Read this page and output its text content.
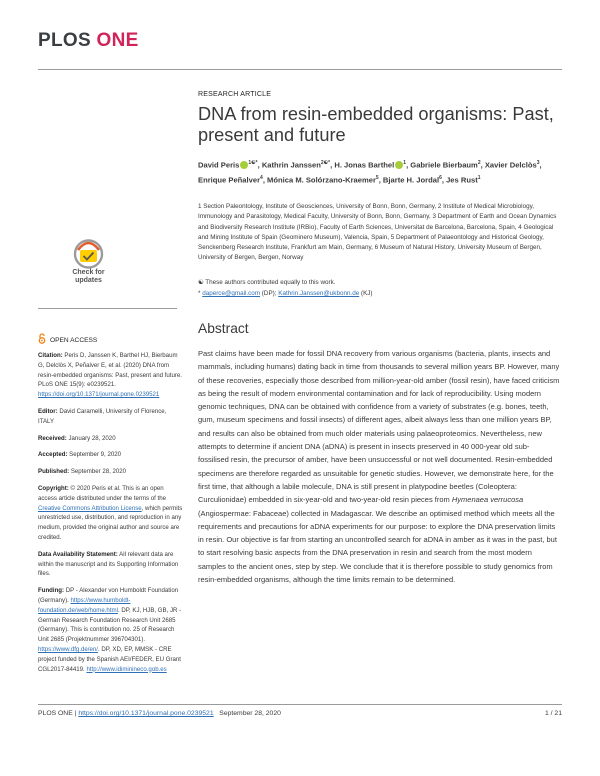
PLOS ONE
RESEARCH ARTICLE
DNA from resin-embedded organisms: Past, present and future
David Peris $^{1☯*}$, Kathrin Janssen$^{2☯*}$, H. Jonas Barthel $^1$, Gabriele Bierbaum$^2$, Xavier Delclòs$^3$, Enrique Peñalver$^4$, Mónica M. Solórzano-Kraemer$^5$, Bjarte H. Jordal$^6$, Jes Rust$^1$
1 Section Paleontology, Institute of Geosciences, University of Bonn, Bonn, Germany, 2 Institute of Medical Microbiology, Immunology and Parasitology, Medical Faculty, University of Bonn, Bonn, Germany, 3 Department of Earth and Ocean Dynamics and Biodiversity Research Institute (IRBio), Faculty of Earth Sciences, Universitat de Barcelona, Barcelona, Spain, 4 Geological and Mining Institute of Spain (Geominero Museum), Valencia, Spain, 5 Department of Palaeontology and Historical Geology, Senckenberg Research Institute, Frankfurt am Main, Germany, 6 Museum of Natural History, University Museum of Bergen, University of Bergen, Bergen, Norway
☯ These authors contributed equally to this work.
* daperce@gmail.com (DP); Kathrin.Janssen@ukbonn.de (KJ)
Check for
updates
OPEN ACCESS

Citation: Peris D, Janssen K, Barthel HJ, Bierbaum G, Delclòs X, Peñalver E, et al. (2020) DNA from resin-embedded organisms: Past, present and future. PLoS ONE 15(9): e0239521. https://doi.org/10.1371/journal.pone.0239521

Editor: David Caramelli, University of Florence, ITALY

Received: January 28, 2020

Accepted: September 9, 2020

Published: September 28, 2020

Copyright: © 2020 Peris et al. This is an open access article distributed under the terms of the Creative Commons Attribution License, which permits unrestricted use, distribution, and reproduction in any medium, provided the original author and source are credited.

Data Availability Statement: All relevant data are within the manuscript and its Supporting Information files.

Funding: DP - Alexander von Humboldt Foundation (Germany). https://www.humboldt-foundation.de/web/home.html. DP, KJ, HJB, GB, JR - German Research Foundation Research Unit 2685 (Germany). This is contribution no. 25 of Research Unit 2685 (Projektnummer 396704301). https://www.dfg.de/en/. DP, XD, EP, MMSK - CRE project funded by the Spanish AEI/FEDER, EU Grant CGL2017-84419. http://www.idiminineco.gob.es

Abstract
Past claims have been made for fossil DNA recovery from various organisms (bacteria, plants, insects and mammals, including humans) dating back in time from thousands to several million years BP. However, many of these recoveries, especially those described from million-year-old amber (fossil resin), have faced criticism as being the result of modern environmental contamination and for lack of reproducibility. Using modern genomic techniques, DNA can be obtained with confidence from a variety of substrates (e.g. bones, teeth, gum, museum specimens and fossil insects) of different ages, albeit always less than one million years BP, and results can also be obtained from much older materials using palaeoproteomics. Nevertheless, new attempts to determine if ancient DNA (aDNA) is present in insects preserved in 40 000-year old sub-fossilised resin, the precursor of amber, have been unsuccessful or not well documented. Resin-embedded specimens are therefore regarded as unsuitable for genetic studies. However, we demonstrate here, for the first time, that although a labile molecule, DNA is still present in platypodine beetles (Coleoptera: Curculionidae) embedded in six-year-old and two-year-old resin pieces from Hymenaea verrucosa (Angiospermae: Fabaceae) collected in Madagascar. We describe an optimised method which meets all the requirements and precautions for aDNA experiments for our purpose: to explore the DNA preservation limits in resin. Our objective is far from starting an uncontrolled search for aDNA in amber as it was in the past, but to start resolving basic aspects from the DNA preservation in resin and search from the most modern samples to the ancient ones, step by step. We conclude that it is therefore possible to study genomics from resin-embedded organisms, although the time limits remain to be determined.
PLOS ONE | https://doi.org/10.1371/journal.pone.0239521 September 28, 2020	1 / 21
